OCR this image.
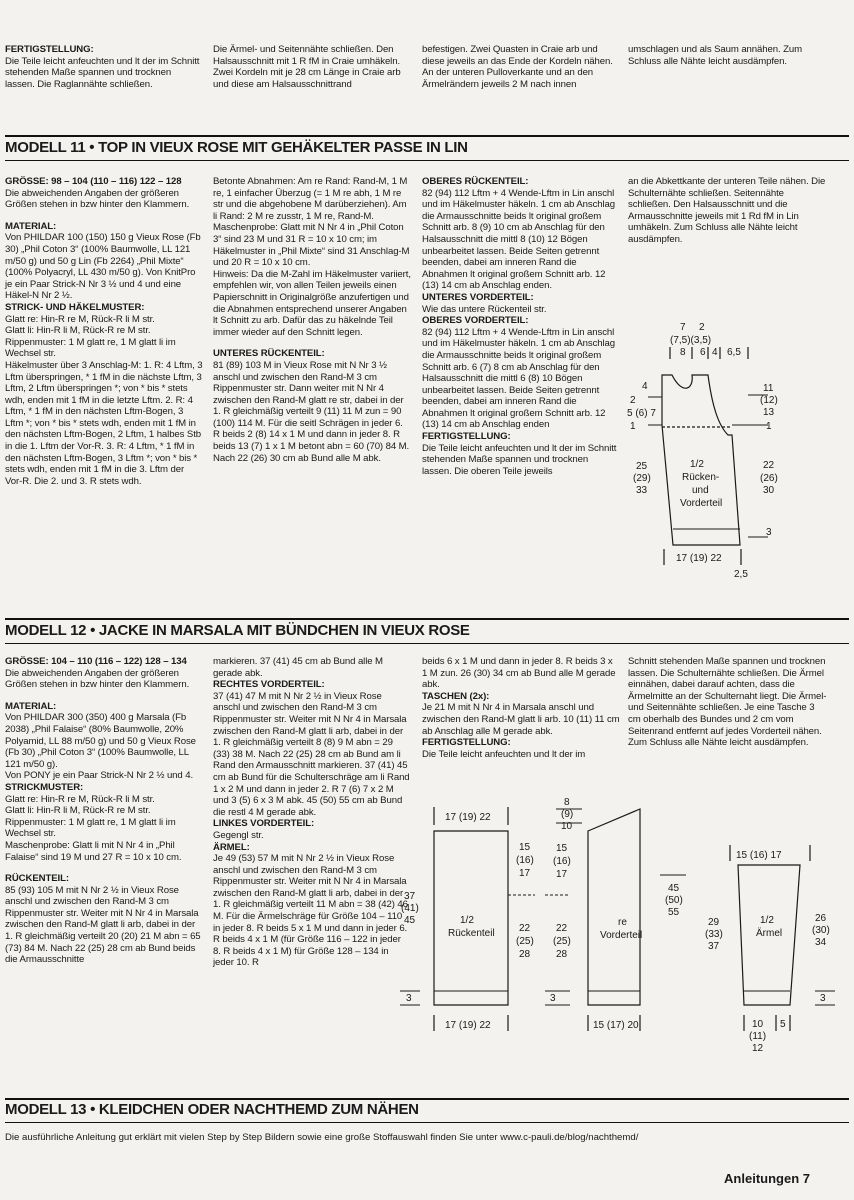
FERTIGSTELLUNG:

Die Teile leicht anfeuchten und lt der im Schnitt stehenden Maße spannen und trocknen lassen. Die Raglannähte schließen.

Die Ärmel- und Seitennähte schließen. Den Halsausschnitt mit 1 R fM in Craie umhäkeln. Zwei Kordeln mit je 28 cm Länge in Craie arb und diese am Halsausschnittrand

befestigen. Zwei Quasten in Craie arb und diese jeweils an das Ende der Kordeln nähen. An der unteren Pulloverkante und an den Ärmelrändern jeweils 2 M nach innen

umschlagen und als Saum annähen. Zum Schluss alle Nähte leicht ausdämpfen.

MODELL 11 • TOP IN VIEUX ROSE MIT GEHÄKELTER PASSE IN LIN

GRÖSSE: 98 – 104 (110 – 116) 122 – 128

Die abweichenden Angaben der größeren Größen stehen in bzw hinter den Klammern.

MATERIAL:

Von PHILDAR 100 (150) 150 g Vieux Rose (Fb 30) „Phil Coton 3“ (100% Baumwolle, LL 121 m/50 g) und 50 g Lin (Fb 2264) „Phil Mixte“ (100% Polyacryl, LL 430 m/50 g). Von KnitPro je ein Paar Strick-N Nr 3 ½ und 4 und eine Häkel-N Nr 2 ½.

STRICK- UND HÄKELMUSTER:

Glatt re: Hin-R re M, Rück-R li M str.

Glatt li: Hin-R li M, Rück-R re M str.

Rippenmuster: 1 M glatt re, 1 M glatt li im Wechsel str.

Häkelmuster über 3 Anschlag-M: 1. R: 4 Lftm, 3 Lftm überspringen, * 1 fM in die nächste Lftm, 3 Lftm, 2 Lftm überspringen *; von * bis * stets wdh, enden mit 1 fM in die letzte Lftm. 2. R: 4 Lftm, * 1 fM in den nächsten Lftm-Bogen, 3 Lftm *; von * bis * stets wdh, enden mit 1 fM in den nächsten Lftm-Bogen, 2 Lftm, 1 halbes Stb in die 1. Lftm der Vor-R. 3. R: 4 Lftm, * 1 fM in den nächsten Lftm-Bogen, 3 Lftm *; von * bis * stets wdh, enden mit 1 fM in die 3. Lftm der Vor-R. Die 2. und 3. R stets wdh.

Betonte Abnahmen: Am re Rand: Rand-M, 1 M re, 1 einfacher Überzug (= 1 M re abh, 1 M re str und die abgehobene M darüberziehen). Am li Rand: 2 M re zusstr, 1 M re, Rand-M.

Maschenprobe: Glatt mit N Nr 4 in „Phil Coton 3“ sind 23 M und 31 R = 10 x 10 cm; im Häkelmuster in „Phil Mixte“ sind 31 Anschlag-M und 20 R = 10 x 10 cm.

Hinweis: Da die M-Zahl im Häkelmuster variiert, empfehlen wir, von allen Teilen jeweils einen Papierschnitt in Originalgröße anzufertigen und die Abnahmen entsprechend unserer Angaben lt Schnitt zu arb. Dafür das zu häkelnde Teil immer wieder auf den Schnitt legen.

UNTERES RÜCKENTEIL:

81 (89) 103 M in Vieux Rose mit N Nr 3 ½ anschl und zwischen den Rand-M 3 cm Rippenmuster str. Dann weiter mit N Nr 4 zwischen den Rand-M glatt re str, dabei in der 1. R gleichmäßig verteilt 9 (11) 11 M zun = 90 (100) 114 M. Für die seitl Schrägen in jeder 6. R beids 2 (8) 14 x 1 M und dann in jeder 8. R beids 13 (7) 1 x 1 M betont abn = 60 (70) 84 M. Nach 22 (26) 30 cm ab Bund alle M abk.

OBERES RÜCKENTEIL:

82 (94) 112 Lftm + 4 Wende-Lftm in Lin anschl und im Häkelmuster häkeln. 1 cm ab Anschlag die Armausschnitte beids lt original großem Schnitt arb. 8 (9) 10 cm ab Anschlag für den Halsausschnitt die mittl 8 (10) 12 Bögen unbearbeitet lassen. Beide Seiten getrennt beenden, dabei am inneren Rand die Abnahmen lt original großem Schnitt arb. 12 (13) 14 cm ab Anschlag enden.

UNTERES VORDERTEIL:

Wie das untere Rückenteil str.

OBERES VORDERTEIL:

82 (94) 112 Lftm + 4 Wende-Lftm in Lin anschl und im Häkelmuster häkeln. 1 cm ab Anschlag die Armausschnitte beids lt original großem Schnitt arb. 6 (7) 8 cm ab Anschlag für den Halsausschnitt die mittl 6 (8) 10 Bögen unbearbeitet lassen. Beide Seiten getrennt beenden, dabei am inneren Rand die Abnahmen lt original großem Schnitt arb. 12 (13) 14 cm ab Anschlag enden

FERTIGSTELLUNG:

Die Teile leicht anfeuchten und lt der im Schnitt stehenden Maße spannen und trocknen lassen. Die oberen Teile jeweils

an die Abkettkante der unteren Teile nähen. Die Schulternähte schließen. Seitennähte schließen. Den Halsausschnitt und die Armausschnitte jeweils mit 1 Rd fM in Lin umhäkeln. Zum Schluss alle Nähte leicht ausdämpfen.

7 2
(7,5)(3,5)
8 6 4 6,5
4
2
5 (6) 7
1
25
(29)
33
11
(12)
13
1
22
(26)
30
1/2
Rücken-
und
Vorderteil
3
17 (19) 22
2,5
MODELL 12 • JACKE IN MARSALA MIT BÜNDCHEN IN VIEUX ROSE

GRÖSSE: 104 – 110 (116 – 122) 128 – 134

Die abweichenden Angaben der größeren Größen stehen in bzw hinter den Klammern.

MATERIAL:

Von PHILDAR 300 (350) 400 g Marsala (Fb 2038) „Phil Falaise“ (80% Baumwolle, 20% Polyamid, LL 88 m/50 g) und 50 g Vieux Rose (Fb 30) „Phil Coton 3“ (100% Baumwolle, LL 121 m/50 g).

Von PONY je ein Paar Strick-N Nr 2 ½ und 4.

STRICKMUSTER:

Glatt re: Hin-R re M, Rück-R li M str.

Glatt li: Hin-R li M, Rück-R re M str.

Rippenmuster: 1 M glatt re, 1 M glatt li im Wechsel str.

Maschenprobe: Glatt li mit N Nr 4 in „Phil Falaise“ sind 19 M und 27 R = 10 x 10 cm.

RÜCKENTEIL:

85 (93) 105 M mit N Nr 2 ½ in Vieux Rose anschl und zwischen den Rand-M 3 cm Rippenmuster str. Weiter mit N Nr 4 in Marsala zwischen den Rand-M glatt li arb, dabei in der 1. R gleichmäßig verteilt 20 (20) 21 M abn = 65 (73) 84 M. Nach 22 (25) 28 cm ab Bund beids die Armausschnitte

markieren. 37 (41) 45 cm ab Bund alle M gerade abk.

RECHTES VORDERTEIL:

37 (41) 47 M mit N Nr 2 ½ in Vieux Rose anschl und zwischen den Rand-M 3 cm Rippenmuster str. Weiter mit N Nr 4 in Marsala zwischen den Rand-M glatt li arb, dabei in der 1. R gleichmäßig verteilt 8 (8) 9 M abn = 29 (33) 38 M. Nach 22 (25) 28 cm ab Bund am li Rand den Armausschnitt markieren. 37 (41) 45 cm ab Bund für die Schulterschräge am li Rand 1 x 2 M und dann in jeder 2. R 7 (6) 7 x 2 M und 3 (5) 6 x 3 M abk. 45 (50) 55 cm ab Bund die restl 4 M gerade abk.

LINKES VORDERTEIL:

Gegengl str.

ÄRMEL:

Je 49 (53) 57 M mit N Nr 2 ½ in Vieux Rose anschl und zwischen den Rand-M 3 cm Rippenmuster str. Weiter mit N Nr 4 in Marsala zwischen den Rand-M glatt li arb, dabei in der 1. R gleichmäßig verteilt 11 M abn = 38 (42) 46 M. Für die Ärmelschräge für Größe 104 – 110 in jeder 8. R beids 5 x 1 M und dann in jeder 6. R beids 4 x 1 M (für Größe 116 – 122 in jeder 8. R beids 4 x 1 M) für Größe 128 – 134 in jeder 10. R

beids 6 x 1 M und dann in jeder 8. R beids 3 x 1 M zun. 26 (30) 34 cm ab Bund alle M gerade abk.

TASCHEN (2x):

Je 21 M mit N Nr 4 in Marsala anschl und zwischen den Rand-M glatt li arb. 10 (11) 11 cm ab Anschlag alle M gerade abk.

FERTIGSTELLUNG:

Die Teile leicht anfeuchten und lt der im

Schnitt stehenden Maße spannen und trocknen lassen. Die Schulternähte schließen. Die Ärmel einnähen, dabei darauf achten, dass die Ärmelmitte an der Schulternaht liegt. Die Ärmel- und Seitennähte schließen. Je eine Tasche 3 cm oberhalb des Bundes und 2 cm vom Seitenrand entfernt auf jedes Vorderteil nähen. Zum Schluss alle Nähte leicht ausdämpfen.

17 (19) 22
37
(41)
45
15
(16)
17
22
(25)
28
1/2
Rückenteil
3
17 (19) 22
8
(9)
10
15
(16)
17
22
(25)
28
45
(50)
55
re
Vorderteil
3
15 (17) 20
15 (16) 17
29
(33)
37
26
(30)
34
1/2
Ärmel
3
10
(11)
12
5
MODELL 13 • KLEIDCHEN ODER NACHTHEMD ZUM NÄHEN
Die ausführliche Anleitung gut erklärt mit vielen Step by Step Bildern sowie eine große Stoffauswahl finden Sie unter www.c-pauli.de/blog/nachthemd/
Anleitungen 7
